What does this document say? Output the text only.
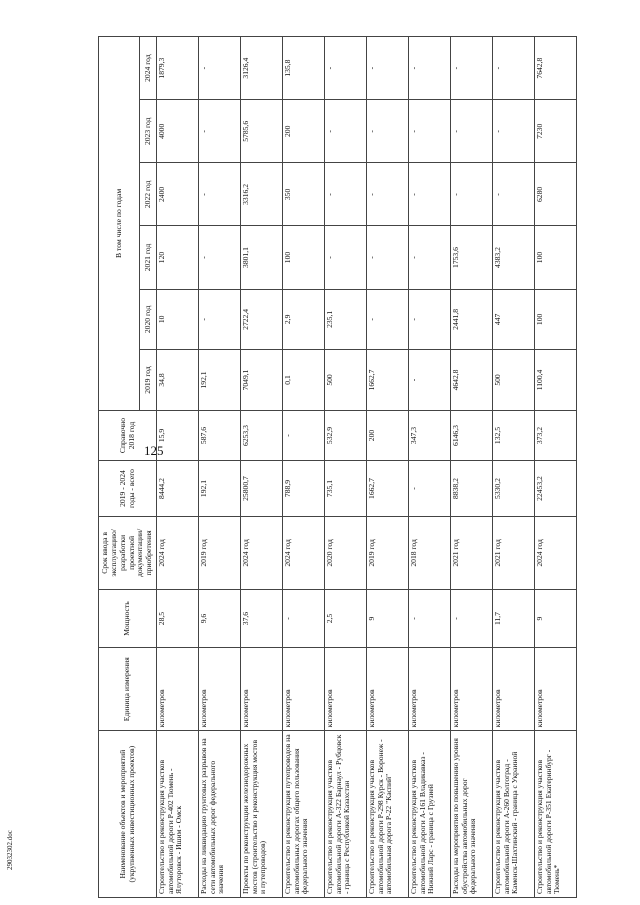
125
29032302.doc	Наименование объектов и мероприятий (укрупненных инвестиционных проектов)	Единица измерения	Мощность	Срок ввода в эксплуатацию/ разработки проектной документации/ приобретения	2019 - 2024 годы - всего	Справочно 2018 год	В том числе по годам					
						2019 год	2020 год	2021 год	2022 год	2023 год	2024 год
Строительство и реконструкция участков автомобильной дороги Р-402 Тюмень - Ялуторовск - Ишим - Омск	километров	28,5	2024 год	8444,2	15,9	34,8	10	120	2400	4000	1879,3
Расходы на ликвидацию грунтовых разрывов на сети автомобильных дорог федерального значения	километров	9,6	2019 год	192,1	587,6	192,1	-	-	-	-	-
Проекты по реконструкции железнодорожных мостов (строительство и реконструкция мостов и путепроводов)	километров	37,6	2024 год	25800,7	6253,3	7049,1	2722,4	3801,1	3316,2	5785,6	3126,4
Строительство и реконструкция путепроводов на автомобильных дорогах общего пользования федерального значения	километров	-	2024 год	788,9	-	0,1	2,9	100	350	200	135,8
Строительство и реконструкция участков автомобильной дороги А-322 Барнаул - Рубцовск - граница с Республикой Казахстан	километров	2,5	2020 год	735,1	532,9	500	235,1	-	-	-	-
Строительство и реконструкция участков автомобильной дороги Р-298 Курск - Воронеж - автомобильная дорога Р-22 "Каспий"	километров	9	2019 год	1662,7	200	1662,7	-	-	-	-	-
Строительство и реконструкция участков автомобильной дороги А-161 Владикавказ - Нижний Ларс - граница с Грузией	километров	-	2018 год	-	347,3	-	-	-	-	-	-
Расходы на мероприятия по повышению уровня обустройства автомобильных дорог федерального значения	километров	-	2021 год	8838,2	6146,3	4642,8	2441,8	1753,6	-	-	-
Строительство и реконструкция участков автомобильной дороги А-260 Волгоград - Каменск-Шахтинский - граница с Украиной	километров	11,7	2021 год	5330,2	132,5	500	447	4383,2	-	-	-
Строительство и реконструкция участков автомобильной дороги Р-351 Екатеринбург - Тюмень*	километров	9	2024 год	22453,2	373,2	1100,4	100	100	6280	7230	7642,8
